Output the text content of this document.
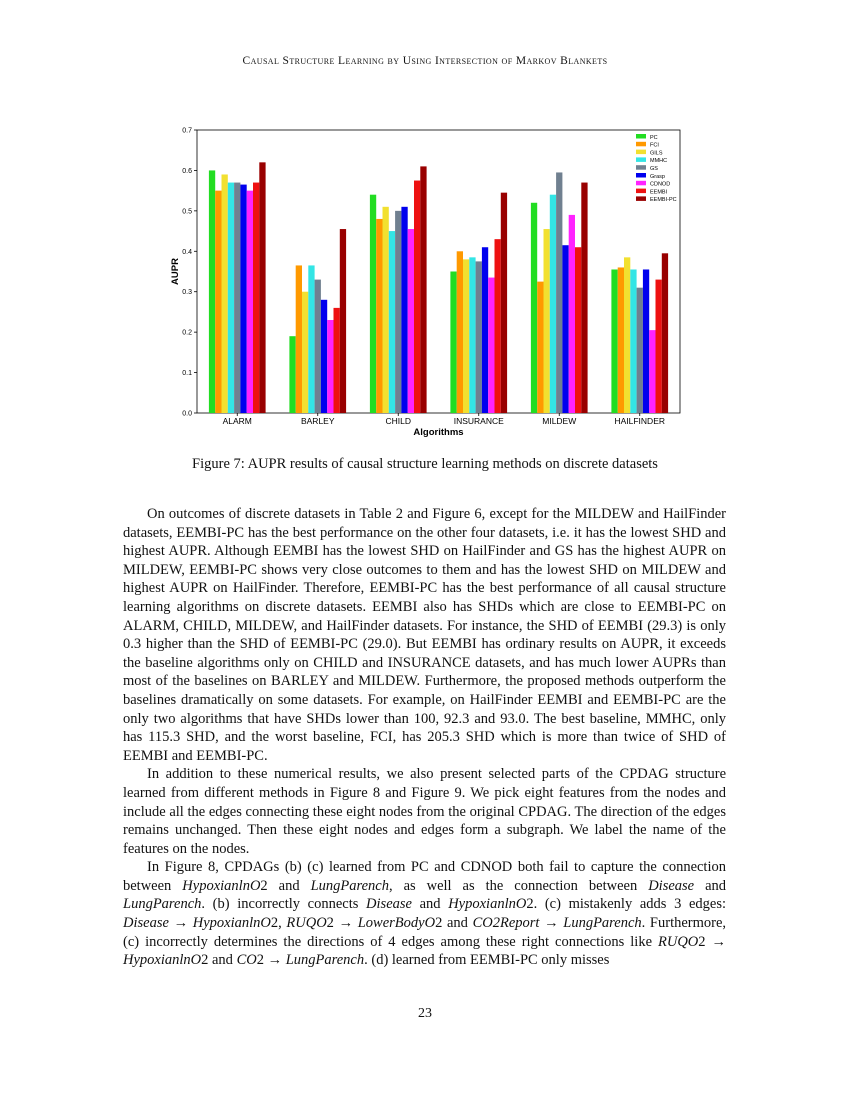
Causal Structure Learning by Using Intersection of Markov Blankets
ALARM	BARLEY	CHILD	INSURANCE	MILDEW	HAILFINDER
0.0
0.1
0.2
0.3
0.4
0.5
0.6
0.7
Algorithms
AUPR
PC
FCI
GILS
MMHC
GS
Grasp
CDNOD
EEMBI
EEMBI-PC
Figure 7: AUPR results of causal structure learning methods on discrete datasets

On outcomes of discrete datasets in Table 2 and Figure 6, except for the MILDEW and HailFinder datasets, EEMBI-PC has the best performance on the other four datasets, i.e. it has the lowest SHD and highest AUPR. Although EEMBI has the lowest SHD on HailFinder and GS has the highest AUPR on MILDEW, EEMBI-PC shows very close outcomes to them and has the lowest SHD on MILDEW and highest AUPR on HailFinder. Therefore, EEMBI-PC has the best performance of all causal structure learning algorithms on discrete datasets. EEMBI also has SHDs which are close to EEMBI-PC on ALARM, CHILD, MILDEW, and HailFinder datasets. For instance, the SHD of EEMBI (29.3) is only 0.3 higher than the SHD of EEMBI-PC (29.0). But EEMBI has ordinary results on AUPR, it exceeds the baseline algorithms only on CHILD and INSURANCE datasets, and has much lower AUPRs than most of the baselines on BARLEY and MILDEW. Furthermore, the proposed methods outperform the baselines dramatically on some datasets. For example, on HailFinder EEMBI and EEMBI-PC are the only two algorithms that have SHDs lower than 100, 92.3 and 93.0. The best baseline, MMHC, only has 115.3 SHD, and the worst baseline, FCI, has 205.3 SHD which is more than twice of SHD of EEMBI and EEMBI-PC.

In addition to these numerical results, we also present selected parts of the CPDAG structure learned from different methods in Figure 8 and Figure 9. We pick eight features from the nodes and include all the edges connecting these eight nodes from the original CPDAG. The direction of the edges remains unchanged. Then these eight nodes and edges form a subgraph. We label the name of the features on the nodes.

In Figure 8, CPDAGs (b) (c) learned from PC and CDNOD both fail to capture the connection between HypoxianlnO2 and LungParench, as well as the connection between Disease and LungParench. (b) incorrectly connects Disease and HypoxianlnO2. (c) mistakenly adds 3 edges: Disease → HypoxianlnO2, RUQO2 → LowerBodyO2 and CO2Report → LungParench. Furthermore, (c) incorrectly determines the directions of 4 edges among these right connections like RUQO2 → HypoxianlnO2 and CO2 → LungParench. (d) learned from EEMBI-PC only misses

23
